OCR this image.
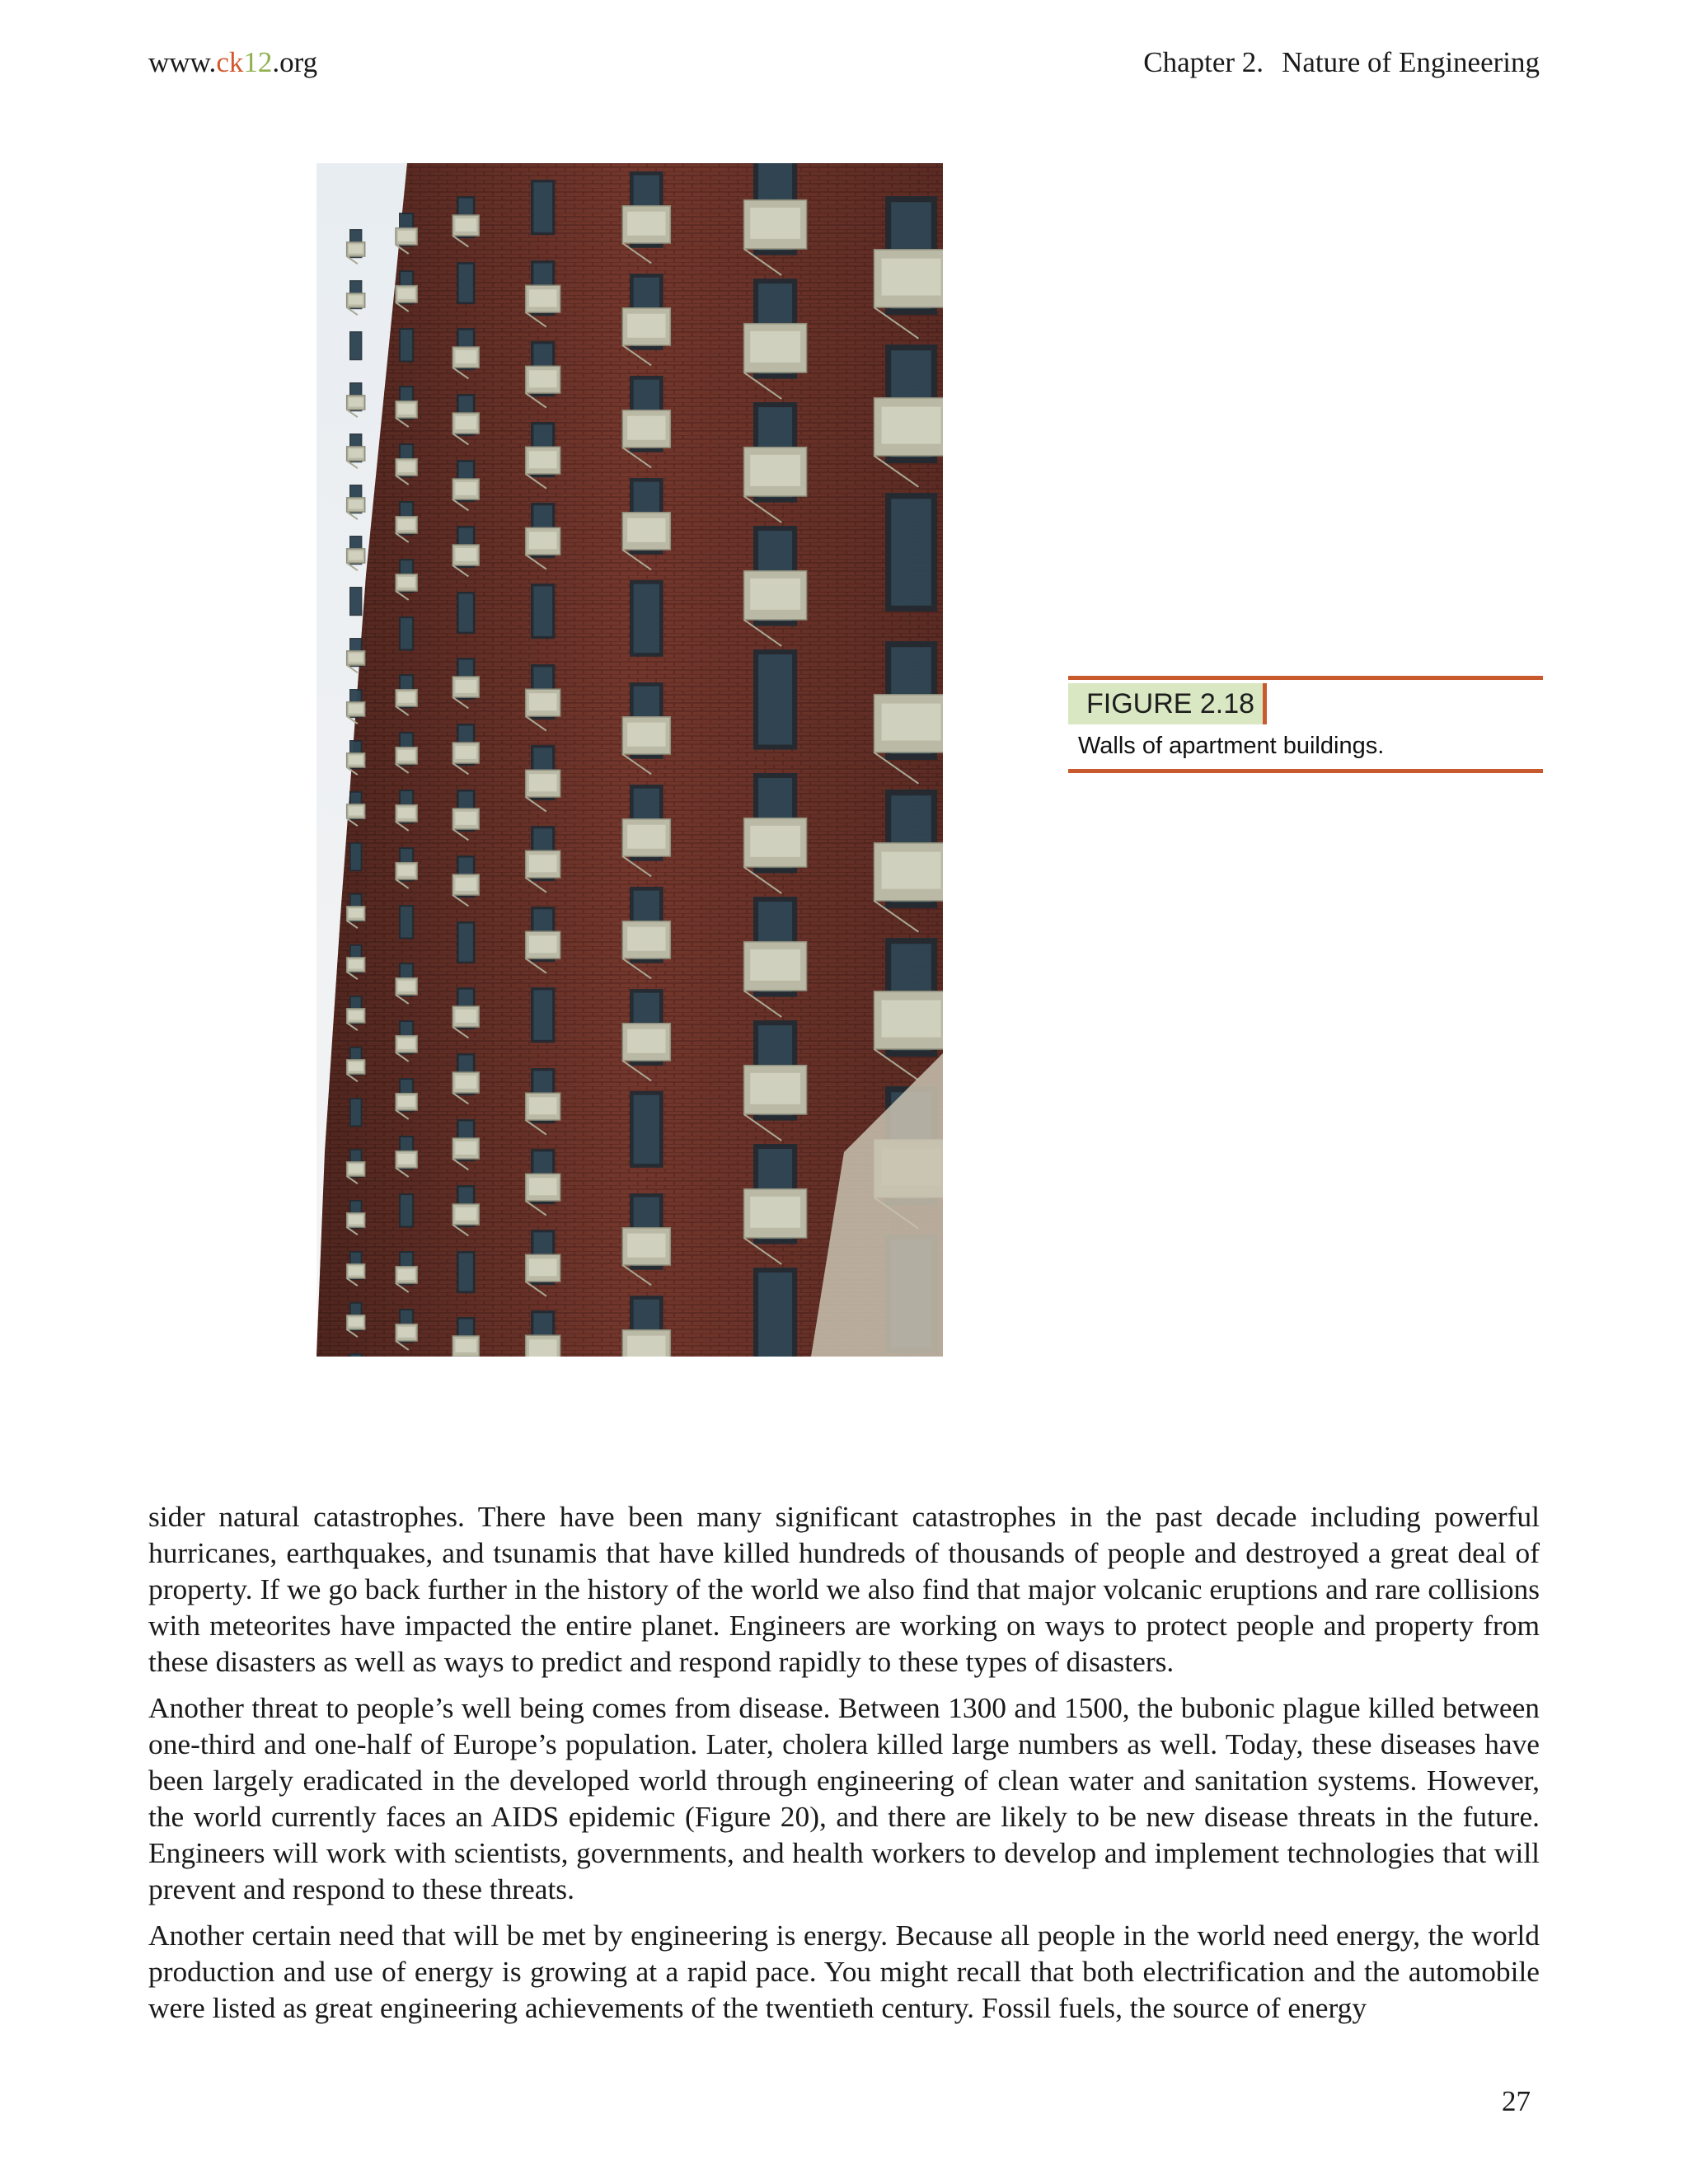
www.ck12.org	Chapter 2. Nature of Engineering
FIGURE 2.18
Walls of apartment buildings.

sider natural catastrophes. There have been many significant catastrophes in the past decade including powerful hurricanes, earthquakes, and tsunamis that have killed hundreds of thousands of people and destroyed a great deal of property. If we go back further in the history of the world we also find that major volcanic eruptions and rare collisions with meteorites have impacted the entire planet. Engineers are working on ways to protect people and property from these disasters as well as ways to predict and respond rapidly to these types of disasters.

Another threat to people’s well being comes from disease. Between 1300 and 1500, the bubonic plague killed between one-third and one-half of Europe’s population. Later, cholera killed large numbers as well. Today, these diseases have been largely eradicated in the developed world through engineering of clean water and sanitation systems. However, the world currently faces an AIDS epidemic (Figure 20), and there are likely to be new disease threats in the future. Engineers will work with scientists, governments, and health workers to develop and implement technologies that will prevent and respond to these threats.

Another certain need that will be met by engineering is energy. Because all people in the world need energy, the world production and use of energy is growing at a rapid pace. You might recall that both electrification and the automobile were listed as great engineering achievements of the twentieth century. Fossil fuels, the source of energy

27
